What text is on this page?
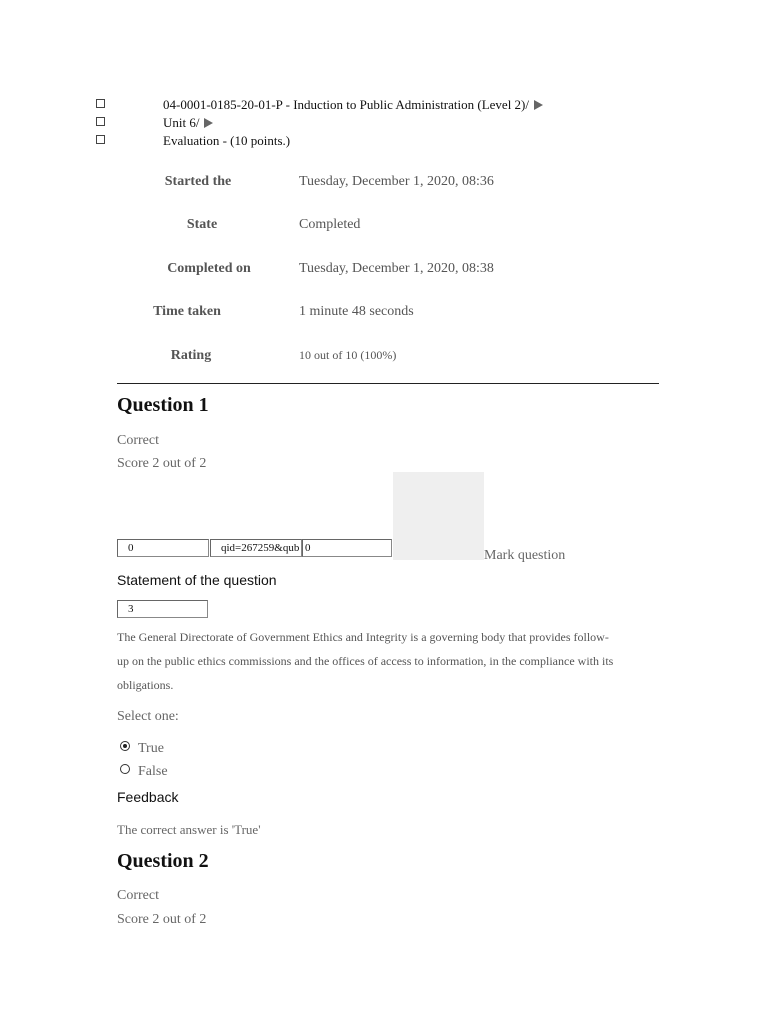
04-0001-0185-20-01-P - Induction to Public Administration (Level 2)/
Unit 6/
Evaluation - (10 points.)
Started the	Tuesday, December 1, 2020, 08:36
State	Completed
Completed on	Tuesday, December 1, 2020, 08:38
Time taken	1 minute 48 seconds
Rating	10 out of 10 (100%)
Question 1
Correct
Score 2 out of 2
0
qid=267259&qub
0
Mark question
Statement of the question
3
The General Directorate of Government Ethics and Integrity is a governing body that provides follow-up on the public ethics commissions and the offices of access to information, in the compliance with its obligations.
Select one:
True
False
Feedback
The correct answer is 'True'
Question 2
Correct
Score 2 out of 2
